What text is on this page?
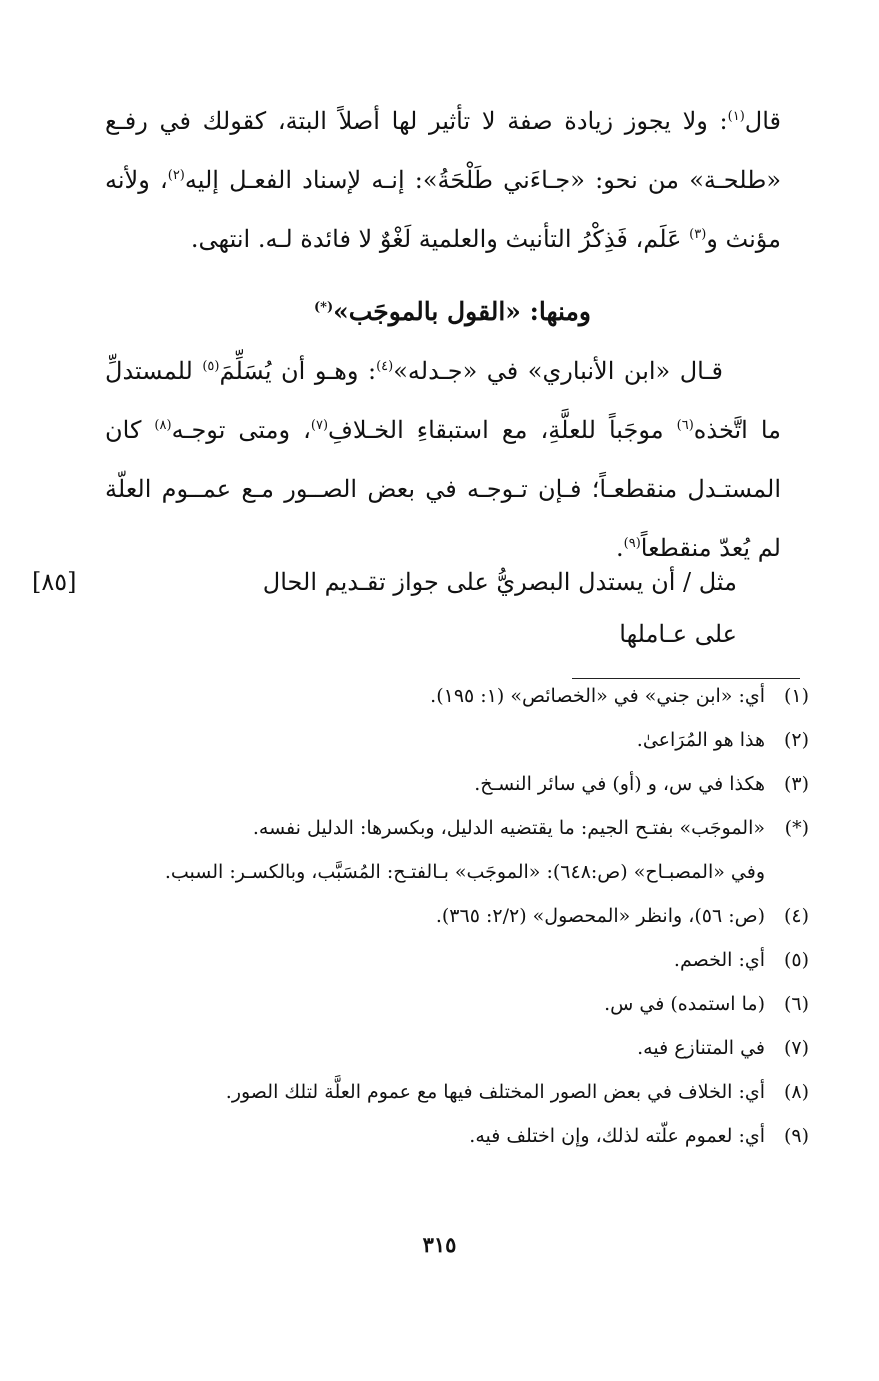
قال$^{(١)}$: ولا يجوز زيادة صفة لا تأثير لها أصلاً البتة، كقولك في رفـع «طلحـة» من نحو: «جـاءَني طَلْحَةُ»: إنـه لإسناد الفعـل إليه$^{(٢)}$، ولأنه مؤنث و$^{(٣)}$ عَلَم، فَذِكْرُ التأنيث والعلمية لَغْوٌ لا فائدة لـه. انتهى.
ومنها: «القول بالموجَب»(*)
قـال «ابن الأنباري» في «جـدله»$^{(٤)}$: وهـو أن يُسَلِّمَ$^{(٥)}$ للمستدلِّ ما اتَّخذه$^{(٦)}$ موجَباً للعلَّةِ، مع استبقاءِ الخـلافِ$^{(٧)}$، ومتى توجـه$^{(٨)}$ كان المستـدل منقطعـاً؛ فـإن تـوجـه في بعض الصــور مـع عمــوم العلّة لم يُعدّ منقطعاً$^{(٩)}$.
مثل / أن يستدل البصريُّ على جواز تقـديم الحال على عـاملها
[٨٥]
(١)
أي: «ابن جني» في «الخصائص» (١: ١٩٥).
(٢)
هذا هو المُرَاعىٰ.
(٣)
هكذا في س، و (أو) في سائر النسـخ.
(*)
«الموجَب» بفتـح الجيم: ما يقتضيه الدليل، وبكسرها: الدليل نفسه.
وفي «المصبـاح» (ص:٦٤٨): «الموجَب» بـالفتـح: المُسَبَّب، وبالكسـر: السبب.
(٤)
(ص: ٥٦)، وانظر «المحصول» (٢/٢: ٣٦٥).
(٥)
أي: الخصم.
(٦)
(ما استمده) في س.
(٧)
في المتنازع فيه.
(٨)
أي: الخلاف في بعض الصور المختلف فيها مع عموم العلَّة لتلك الصور.
(٩)
أي: لعموم علّته لذلك، وإن اختلف فيه.
٣١٥
